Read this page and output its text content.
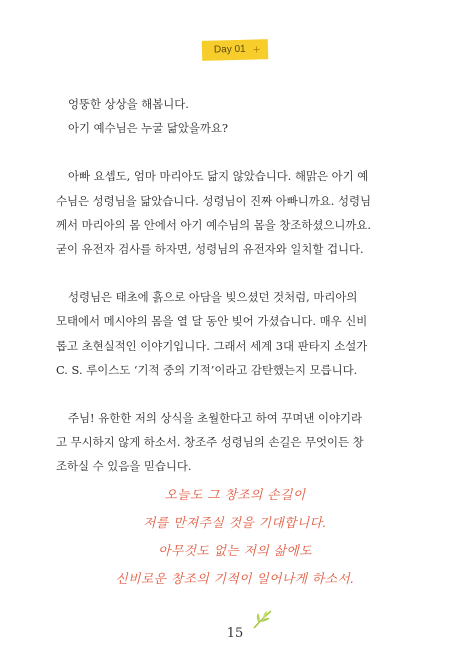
Day 01 +

엉뚱한 상상을 해봅니다.
아기 예수님은 누굴 닮았을까요?

아빠 요셉도, 엄마 마리아도 닮지 않았습니다. 해맑은 아기 예
수님은 성령님을 닮았습니다. 성령님이 진짜 아빠니까요. 성령님
께서 마리아의 몸 안에서 아기 예수님의 몸을 창조하셨으니까요.
굳이 유전자 검사를 하자면, 성령님의 유전자와 일치할 겁니다.

성령님은 태초에 흙으로 아담을 빚으셨던 것처럼, 마리아의
모태에서 메시야의 몸을 열 달 동안 빚어 가셨습니다. 매우 신비
롭고 초현실적인 이야기입니다. 그래서 세계 3대 판타지 소설가
C. S. 루이스도 ‘기적 중의 기적’이라고 감탄했는지 모릅니다.

주님! 유한한 저의 상식을 초월한다고 하여 꾸며낸 이야기라
고 무시하지 않게 하소서. 창조주 성령님의 손길은 무엇이든 창
조하실 수 있음을 믿습니다.

오늘도 그 창조의 손길이
저를 만져주실 것을 기대합니다.
아무것도 없는 저의 삶에도
신비로운 창조의 기적이 일어나게 하소서.
15
